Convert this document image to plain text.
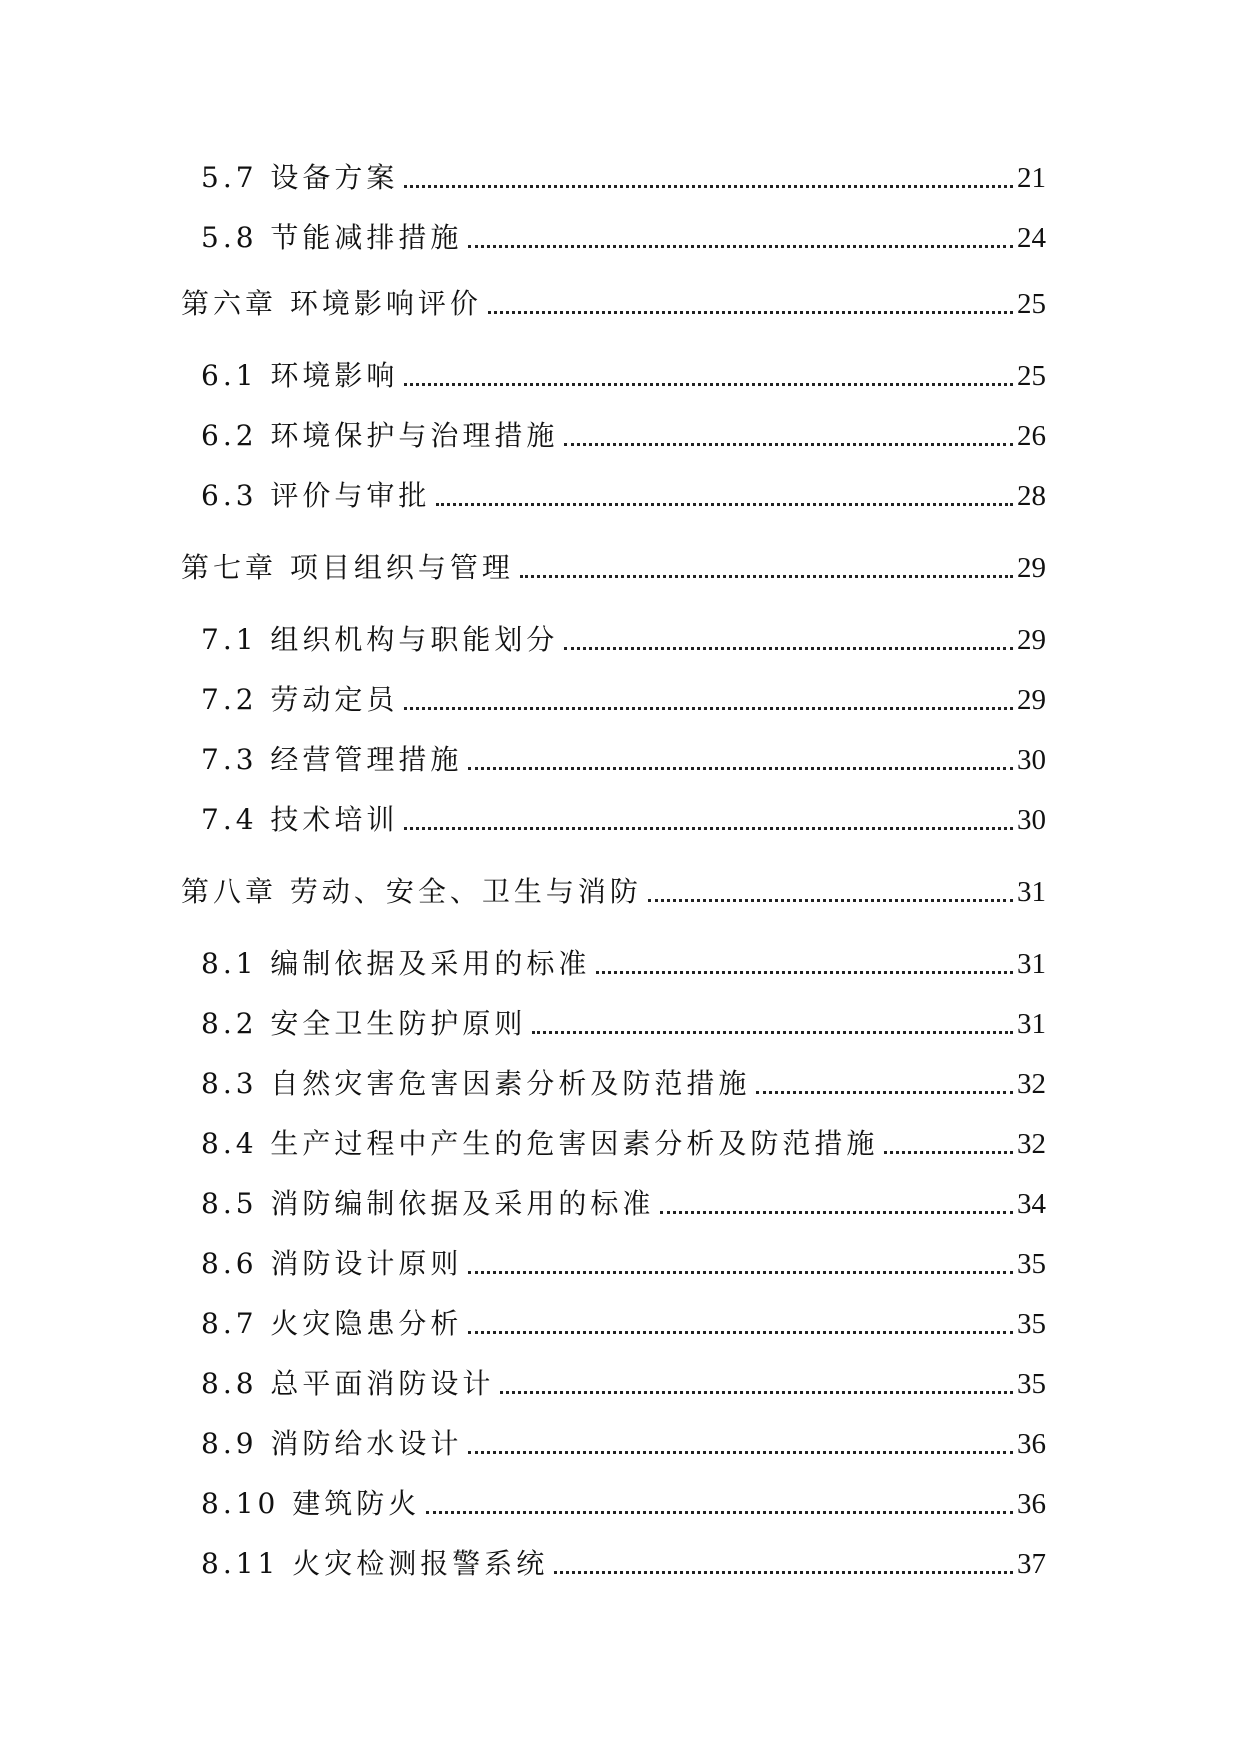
5.7 设备方案	21
5.8 节能减排措施	24
第六章 环境影响评价	25
6.1 环境影响	25
6.2 环境保护与治理措施	26
6.3 评价与审批	28
第七章 项目组织与管理	29
7.1 组织机构与职能划分	29
7.2 劳动定员	29
7.3 经营管理措施	30
7.4 技术培训	30
第八章 劳动、安全、卫生与消防	31
8.1 编制依据及采用的标准	31
8.2 安全卫生防护原则	31
8.3 自然灾害危害因素分析及防范措施	32
8.4 生产过程中产生的危害因素分析及防范措施	32
8.5 消防编制依据及采用的标准	34
8.6 消防设计原则	35
8.7 火灾隐患分析	35
8.8 总平面消防设计	35
8.9 消防给水设计	36
8.10 建筑防火	36
8.11 火灾检测报警系统	37
